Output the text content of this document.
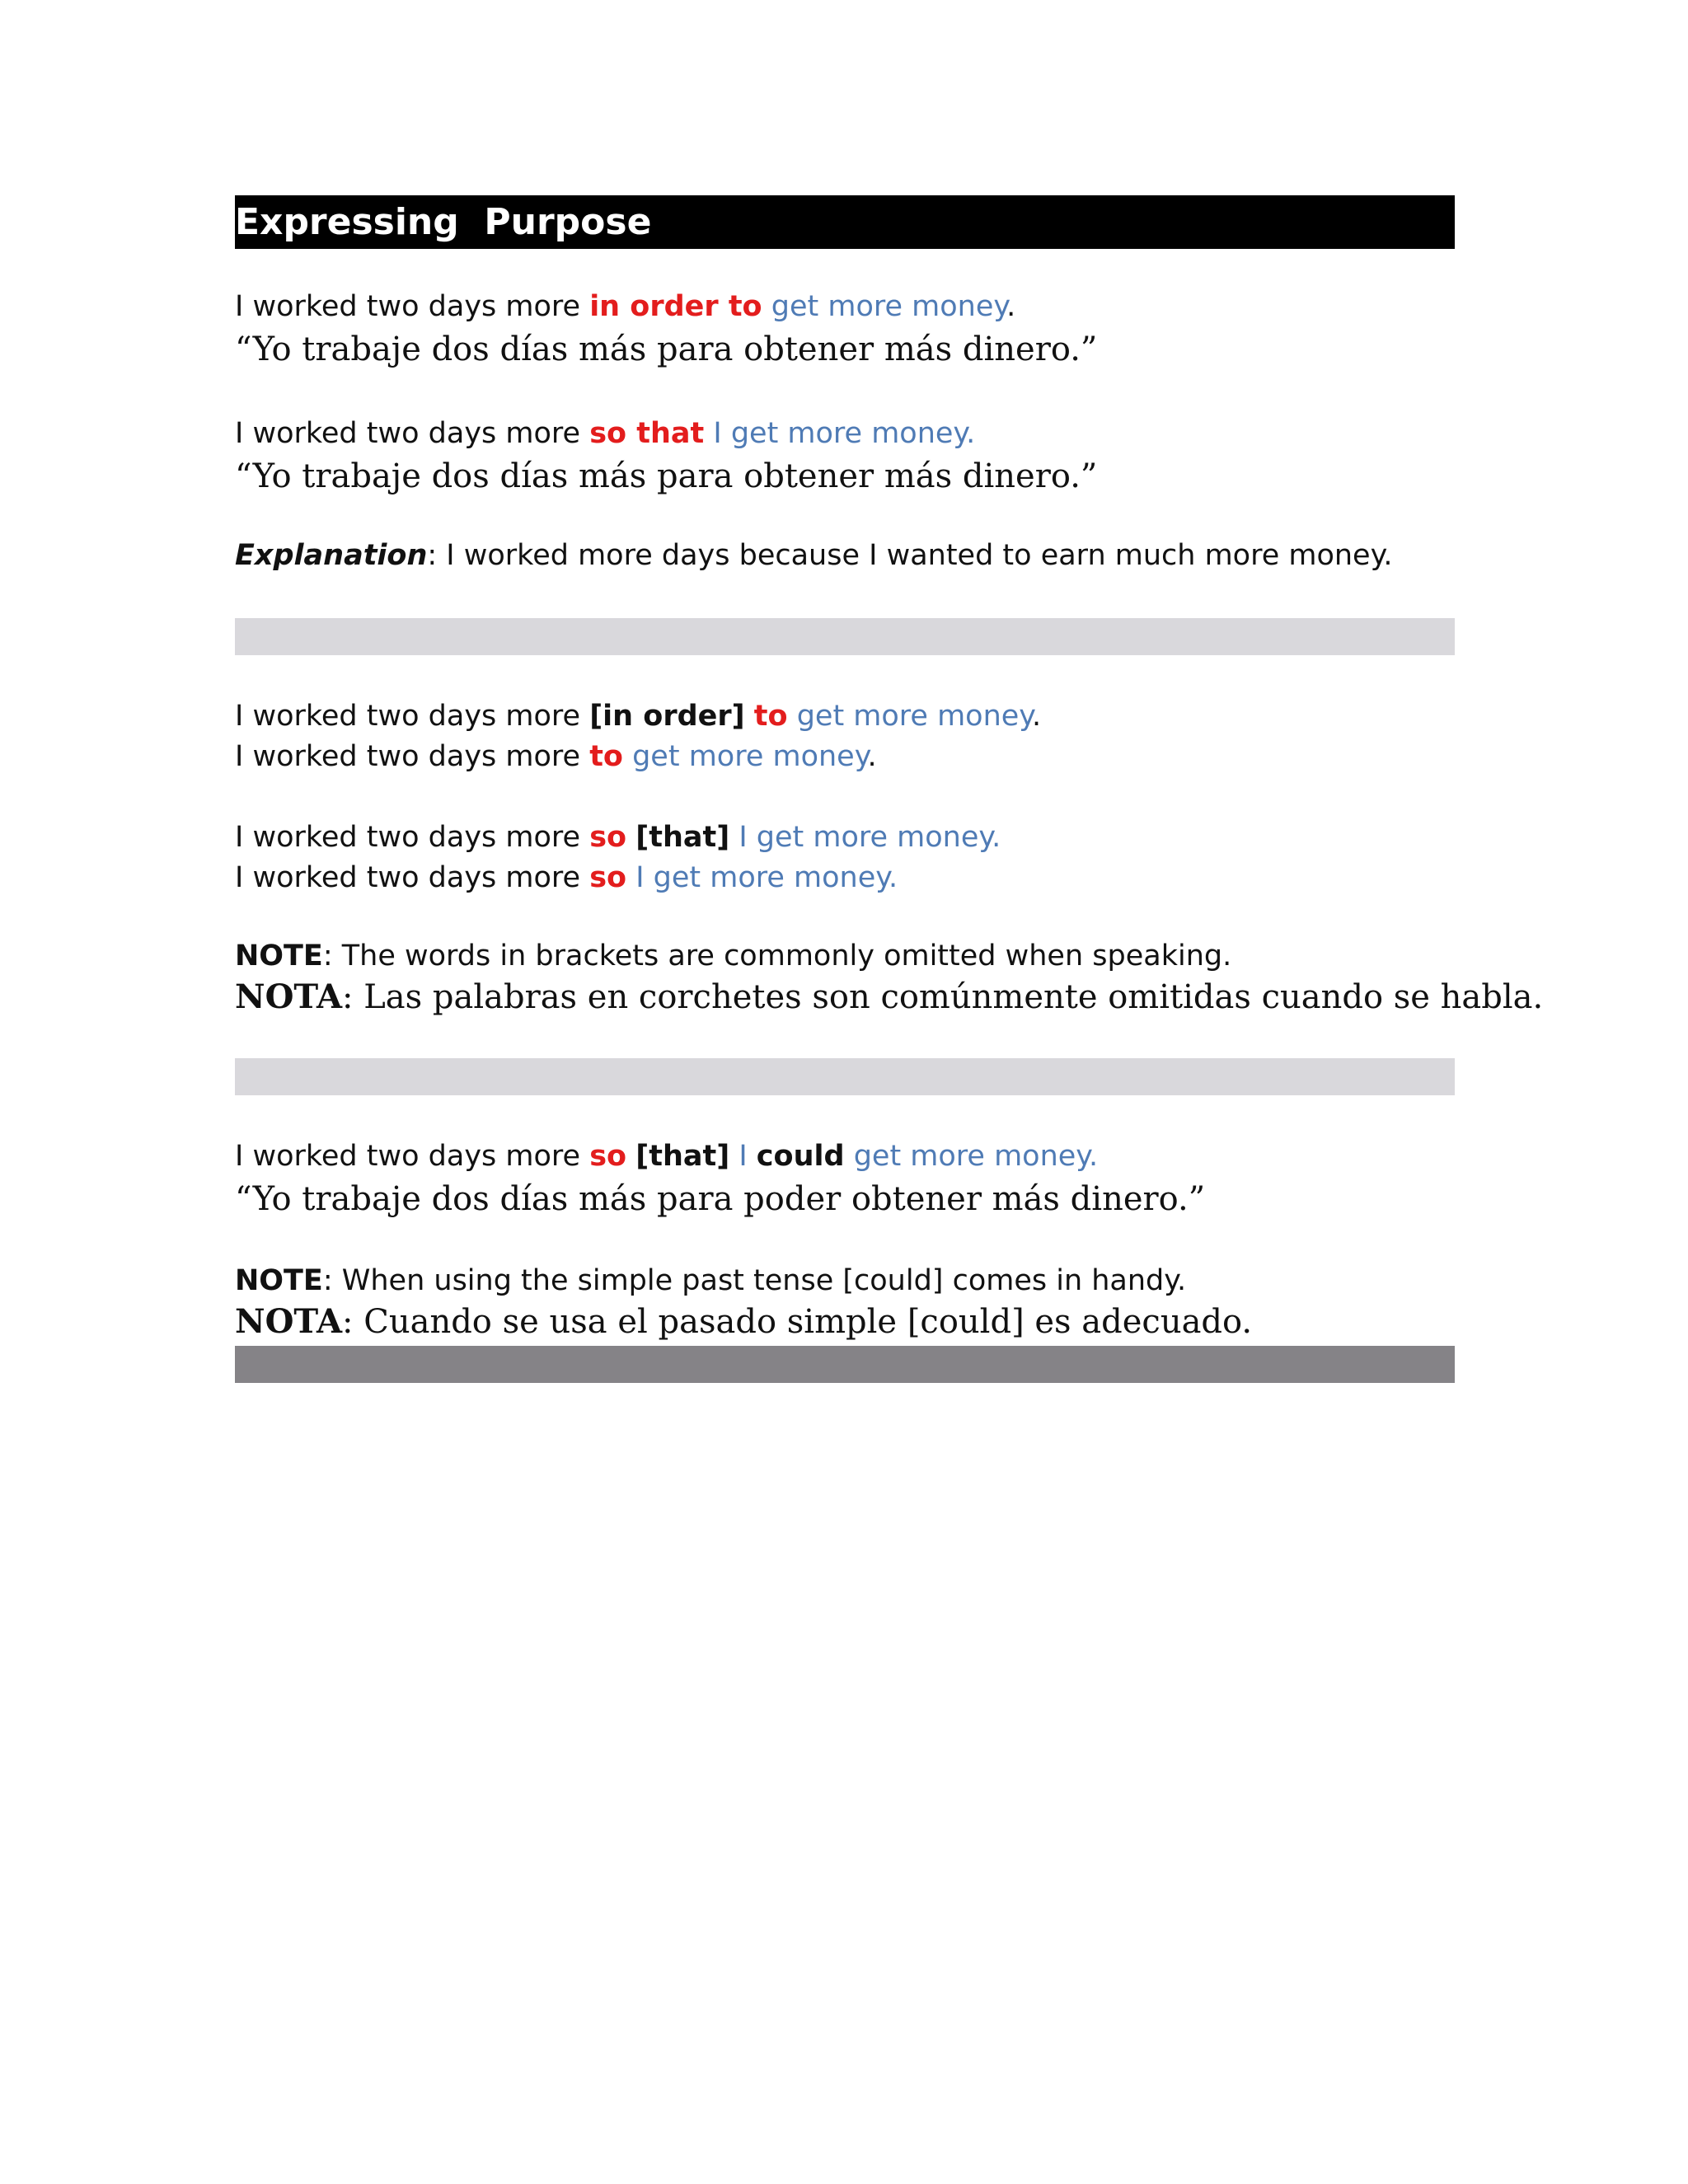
Expressing  Purpose
I worked two days more in order to get more money.
“Yo trabaje dos días más para obtener más dinero.”
I worked two days more so that I get more money.
“Yo trabaje dos días más para obtener más dinero.”
Explanation: I worked more days because I wanted to earn much more money.
I worked two days more [in order] to get more money.
I worked two days more to get more money.
I worked two days more so [that] I get more money.
I worked two days more so I get more money.
NOTE: The words in brackets are commonly omitted when speaking.
NOTA: Las palabras en corchetes son comúnmente omitidas cuando se habla.
I worked two days more so [that] I could get more money.
“Yo trabaje dos días más para poder obtener más dinero.”
NOTE: When using the simple past tense [could] comes in handy.
NOTA: Cuando se usa el pasado simple [could] es adecuado.
